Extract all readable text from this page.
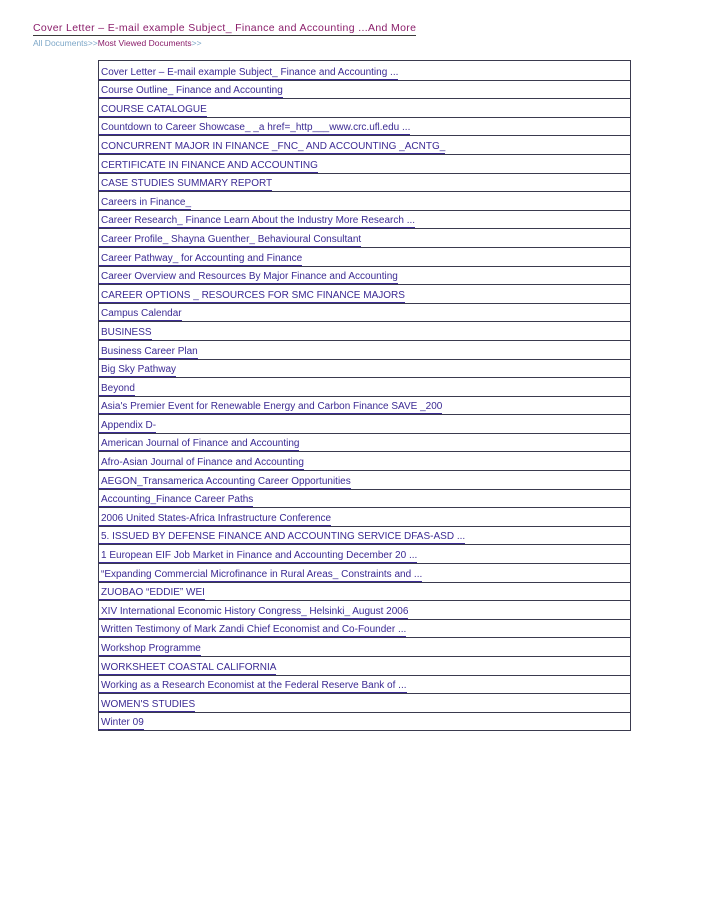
Cover Letter – E-mail example Subject_ Finance and Accounting ...And More
All Documents>>Most Viewed Documents>>
Cover Letter – E-mail example Subject_ Finance and Accounting ...
Course Outline_ Finance and Accounting
COURSE CATALOGUE
Countdown to Career Showcase_ _a href=_http___www.crc.ufl.edu ...
CONCURRENT MAJOR IN FINANCE _FNC_ AND ACCOUNTING _ACNTG_
CERTIFICATE IN FINANCE AND ACCOUNTING
CASE STUDIES SUMMARY REPORT
Careers in Finance_
Career Research_ Finance Learn About the Industry More Research ...
Career Profile_ Shayna Guenther_ Behavioural Consultant
Career Pathway_ for Accounting and Finance
Career Overview and Resources By Major Finance and Accounting
CAREER OPTIONS _ RESOURCES FOR SMC FINANCE MAJORS
Campus Calendar
BUSINESS
Business Career Plan
Big Sky Pathway
Beyond
Asia's Premier Event for Renewable Energy and Carbon Finance SAVE _200
Appendix D-
American Journal of Finance and Accounting
Afro-Asian Journal of Finance and Accounting
AEGON_Transamerica Accounting Career Opportunities
Accounting_Finance Career Paths
2006 United States-Africa Infrastructure Conference
5. ISSUED BY DEFENSE FINANCE AND ACCOUNTING SERVICE DFAS-ASD ...
1 European EIF Job Market in Finance and Accounting December 20 ...
“Expanding Commercial Microfinance in Rural Areas_ Constraints and ...
ZUOBAO “EDDIE” WEI
XIV International Economic History Congress_ Helsinki_ August 2006
Written Testimony of Mark Zandi Chief Economist and Co-Founder ...
Workshop Programme
WORKSHEET COASTAL CALIFORNIA
Working as a Research Economist at the Federal Reserve Bank of ...
WOMEN'S STUDIES
Winter 09
